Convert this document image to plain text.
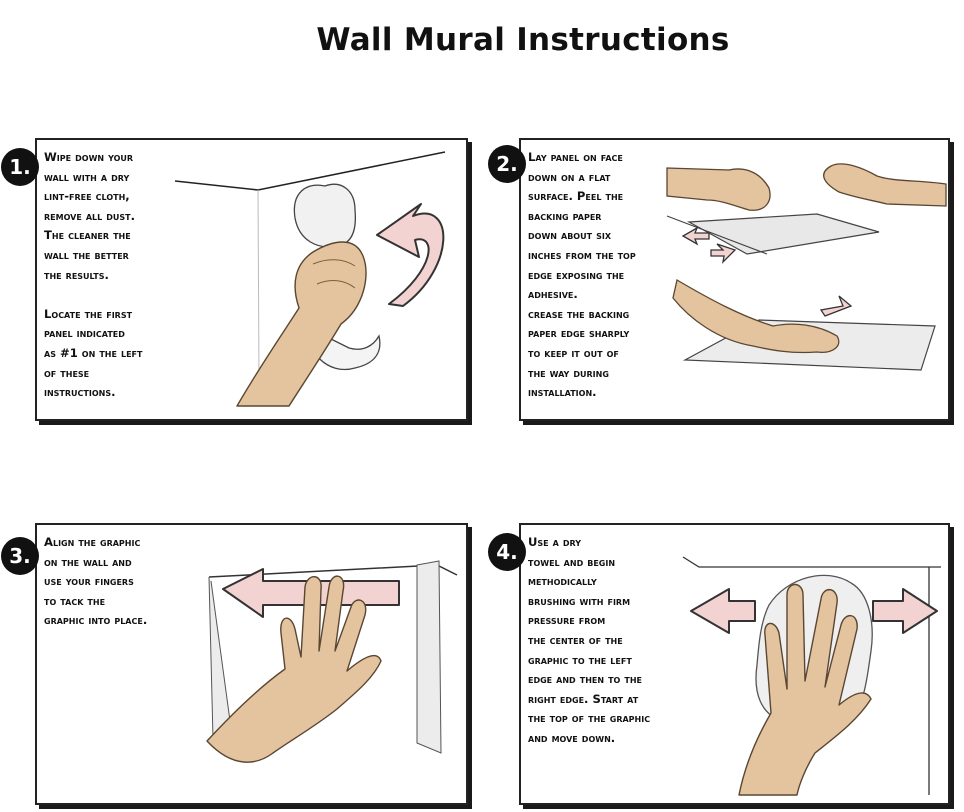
Wall Mural Instructions
1.	2.
3.	4.

Wipe down your
wall with a dry
lint-free cloth,
remove all dust.
The cleaner the
wall the better
the results.

Locate the first
panel indicated
as #1 on the left
of these
instructions.

Lay panel on face
down on a flat
surface. Peel the
backing paper
down about six
inches from the top
edge exposing the
adhesive.
crease the backing
paper edge sharply
to keep it out of
the way during
installation.

Align the graphic
on the wall and
use your fingers
to tack the
graphic into place.

Use a dry
towel and begin
methodically
brushing with firm
pressure from
the center of the
graphic to the left
edge and then to the
right edge. Start at
the top of the graphic
and move down.
